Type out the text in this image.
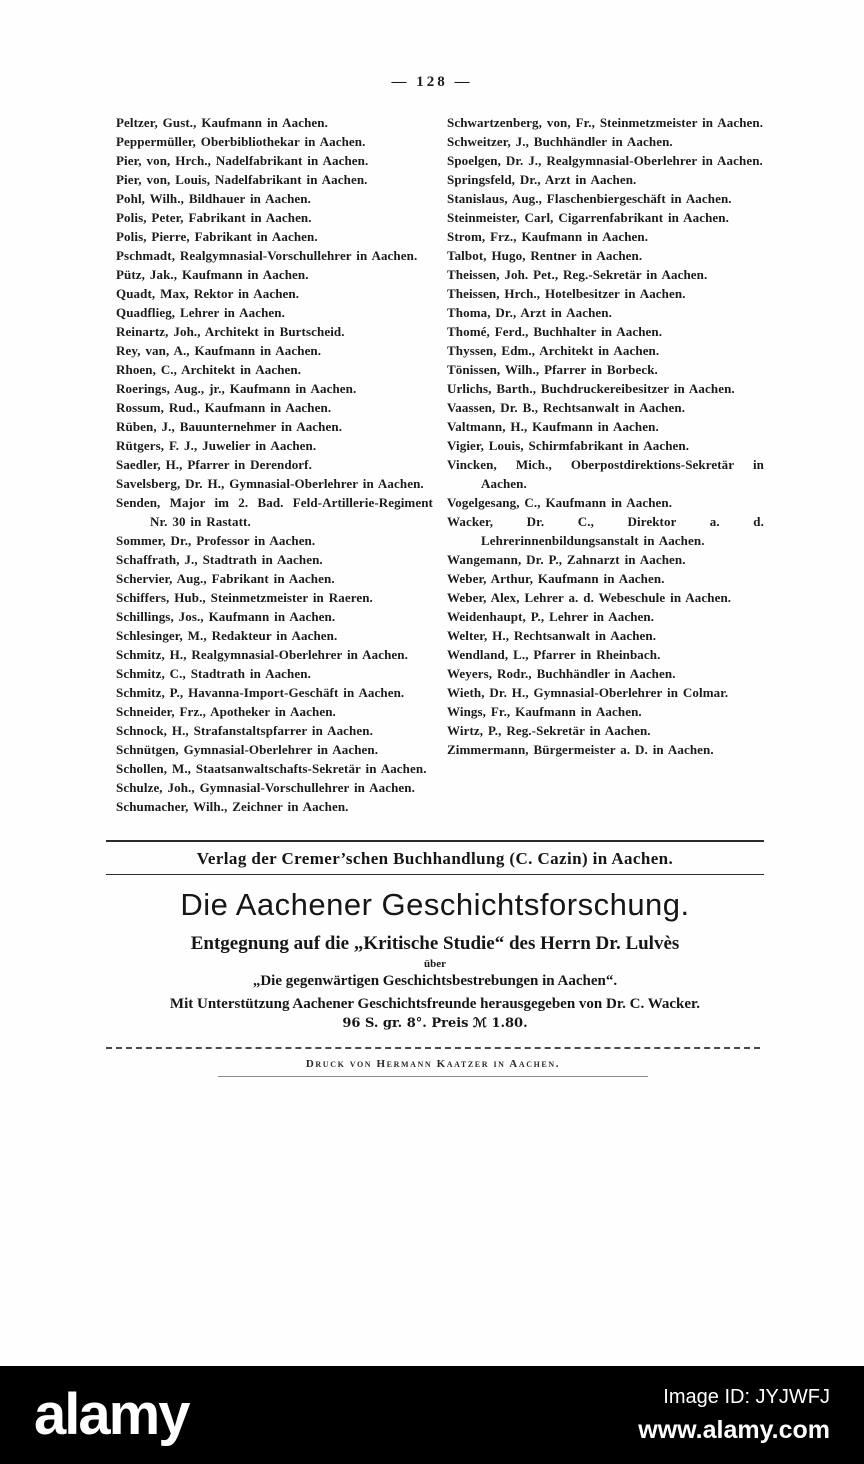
— 128 —

Peltzer, Gust., Kaufmann in Aachen.

Peppermüller, Oberbibliothekar in Aachen.

Pier, von, Hrch., Nadelfabrikant in Aachen.

Pier, von, Louis, Nadelfabrikant in Aachen.

Pohl, Wilh., Bildhauer in Aachen.

Polis, Peter, Fabrikant in Aachen.

Polis, Pierre, Fabrikant in Aachen.

Pschmadt, Realgymnasial-Vorschullehrer in Aachen.

Pütz, Jak., Kaufmann in Aachen.

Quadt, Max, Rektor in Aachen.

Quadflieg, Lehrer in Aachen.

Reinartz, Joh., Architekt in Burtscheid.

Rey, van, A., Kaufmann in Aachen.

Rhoen, C., Architekt in Aachen.

Roerings, Aug., jr., Kaufmann in Aachen.

Rossum, Rud., Kaufmann in Aachen.

Rüben, J., Bauunternehmer in Aachen.

Rütgers, F. J., Juwelier in Aachen.

Saedler, H., Pfarrer in Derendorf.

Savelsberg, Dr. H., Gymnasial-Oberlehrer in Aachen.

Senden, Major im 2. Bad. Feld-Artillerie-Regiment Nr. 30 in Rastatt.

Sommer, Dr., Professor in Aachen.

Schaffrath, J., Stadtrath in Aachen.

Schervier, Aug., Fabrikant in Aachen.

Schiffers, Hub., Steinmetzmeister in Raeren.

Schillings, Jos., Kaufmann in Aachen.

Schlesinger, M., Redakteur in Aachen.

Schmitz, H., Realgymnasial-Oberlehrer in Aachen.

Schmitz, C., Stadtrath in Aachen.

Schmitz, P., Havanna-Import-Geschäft in Aachen.

Schneider, Frz., Apotheker in Aachen.

Schnock, H., Strafanstaltspfarrer in Aachen.

Schnütgen, Gymnasial-Oberlehrer in Aachen.

Schollen, M., Staatsanwaltschafts-Sekretär in Aachen.

Schulze, Joh., Gymnasial-Vorschullehrer in Aachen.

Schumacher, Wilh., Zeichner in Aachen.

Schwartzenberg, von, Fr., Steinmetzmeister in Aachen.

Schweitzer, J., Buchhändler in Aachen.

Spoelgen, Dr. J., Realgymnasial-Oberlehrer in Aachen.

Springsfeld, Dr., Arzt in Aachen.

Stanislaus, Aug., Flaschenbiergeschäft in Aachen.

Steinmeister, Carl, Cigarrenfabrikant in Aachen.

Strom, Frz., Kaufmann in Aachen.

Talbot, Hugo, Rentner in Aachen.

Theissen, Joh. Pet., Reg.-Sekretär in Aachen.

Theissen, Hrch., Hotelbesitzer in Aachen.

Thoma, Dr., Arzt in Aachen.

Thomé, Ferd., Buchhalter in Aachen.

Thyssen, Edm., Architekt in Aachen.

Tönissen, Wilh., Pfarrer in Borbeck.

Urlichs, Barth., Buchdruckereibesitzer in Aachen.

Vaassen, Dr. B., Rechtsanwalt in Aachen.

Valtmann, H., Kaufmann in Aachen.

Vigier, Louis, Schirmfabrikant in Aachen.

Vincken, Mich., Oberpostdirektions-Sekretär in Aachen.

Vogelgesang, C., Kaufmann in Aachen.

Wacker, Dr. C., Direktor a. d. Lehrerinnenbildungsanstalt in Aachen.

Wangemann, Dr. P., Zahnarzt in Aachen.

Weber, Arthur, Kaufmann in Aachen.

Weber, Alex, Lehrer a. d. Webeschule in Aachen.

Weidenhaupt, P., Lehrer in Aachen.

Welter, H., Rechtsanwalt in Aachen.

Wendland, L., Pfarrer in Rheinbach.

Weyers, Rodr., Buchhändler in Aachen.

Wieth, Dr. H., Gymnasial-Oberlehrer in Colmar.

Wings, Fr., Kaufmann in Aachen.

Wirtz, P., Reg.-Sekretär in Aachen.

Zimmermann, Bürgermeister a. D. in Aachen.

Verlag der Cremer’schen Buchhandlung (C. Cazin) in Aachen.
Die Aachener Geschichtsforschung.
Entgegnung auf die „Kritische Studie“ des Herrn Dr. Lulvès
über
„Die gegenwärtigen Geschichtsbestrebungen in Aachen“.
Mit Unterstützung Aachener Geschichtsfreunde herausgegeben von Dr. C. Wacker.
96 S. gr. 8°. Preis ℳ 1.80.
Druck von Hermann Kaatzer in Aachen.
alamy	Image ID: JYJWFJ
www.alamy.com
